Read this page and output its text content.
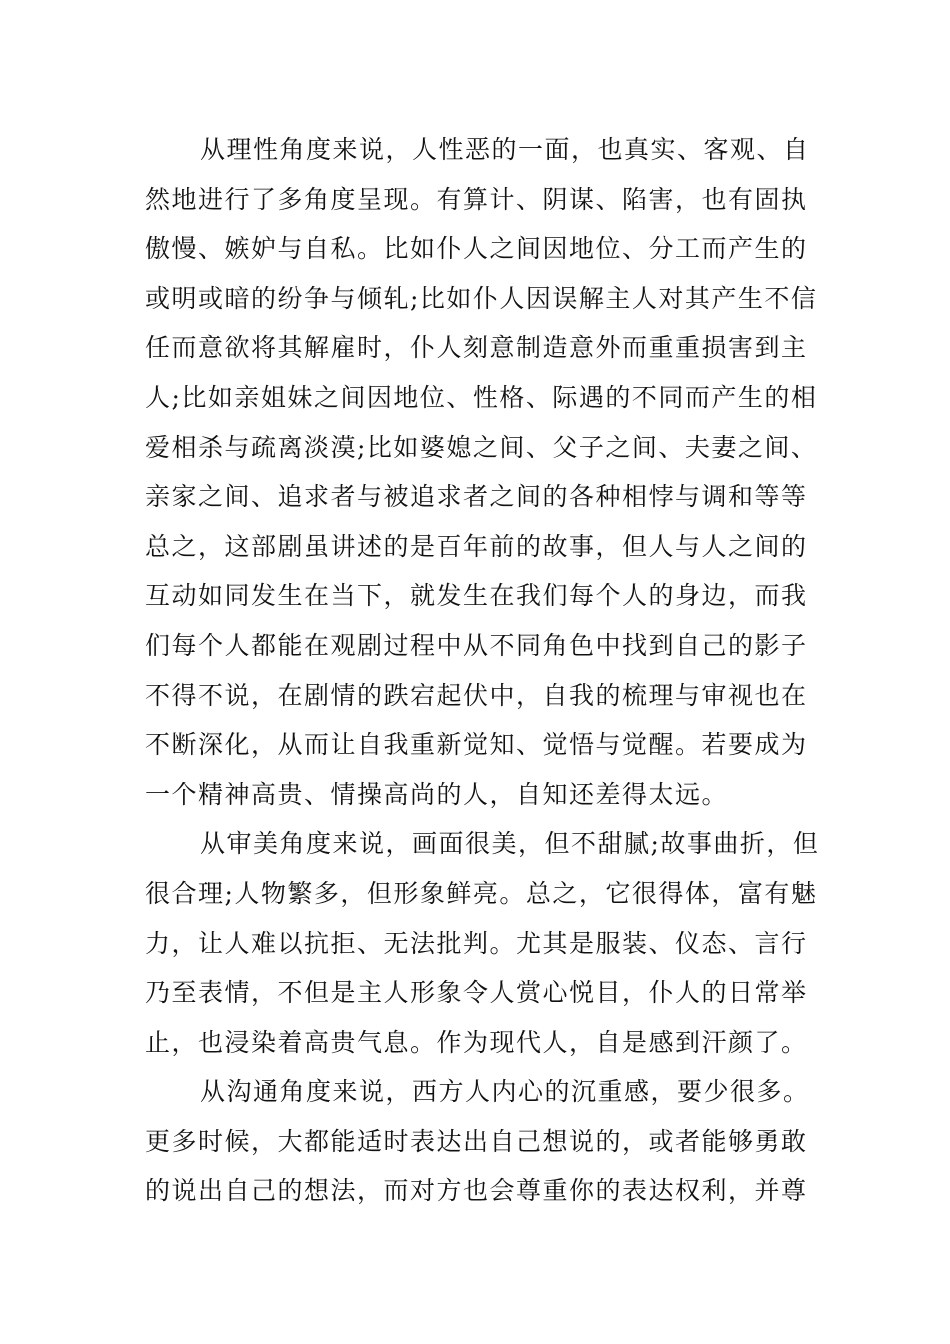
从理性角度来说，人性恶的一面，也真实、客观、自
然地进行了多角度呈现。有算计、阴谋、陷害，也有固执
傲慢、嫉妒与自私。比如仆人之间因地位、分工而产生的
或明或暗的纷争与倾轧;比如仆人因误解主人对其产生不信
任而意欲将其解雇时，仆人刻意制造意外而重重损害到主
人;比如亲姐妹之间因地位、性格、际遇的不同而产生的相
爱相杀与疏离淡漠;比如婆媳之间、父子之间、夫妻之间、
亲家之间、追求者与被追求者之间的各种相悖与调和等等
总之，这部剧虽讲述的是百年前的故事，但人与人之间的
互动如同发生在当下，就发生在我们每个人的身边，而我
们每个人都能在观剧过程中从不同角色中找到自己的影子
不得不说，在剧情的跌宕起伏中，自我的梳理与审视也在
不断深化，从而让自我重新觉知、觉悟与觉醒。若要成为
一个精神高贵、情操高尚的人，自知还差得太远。
从审美角度来说，画面很美，但不甜腻;故事曲折，但
很合理;人物繁多，但形象鲜亮。总之，它很得体，富有魅
力，让人难以抗拒、无法批判。尤其是服装、仪态、言行
乃至表情，不但是主人形象令人赏心悦目，仆人的日常举
止，也浸染着高贵气息。作为现代人，自是感到汗颜了。
从沟通角度来说，西方人内心的沉重感，要少很多。
更多时候，大都能适时表达出自己想说的，或者能够勇敢
的说出自己的想法，而对方也会尊重你的表达权利，并尊
